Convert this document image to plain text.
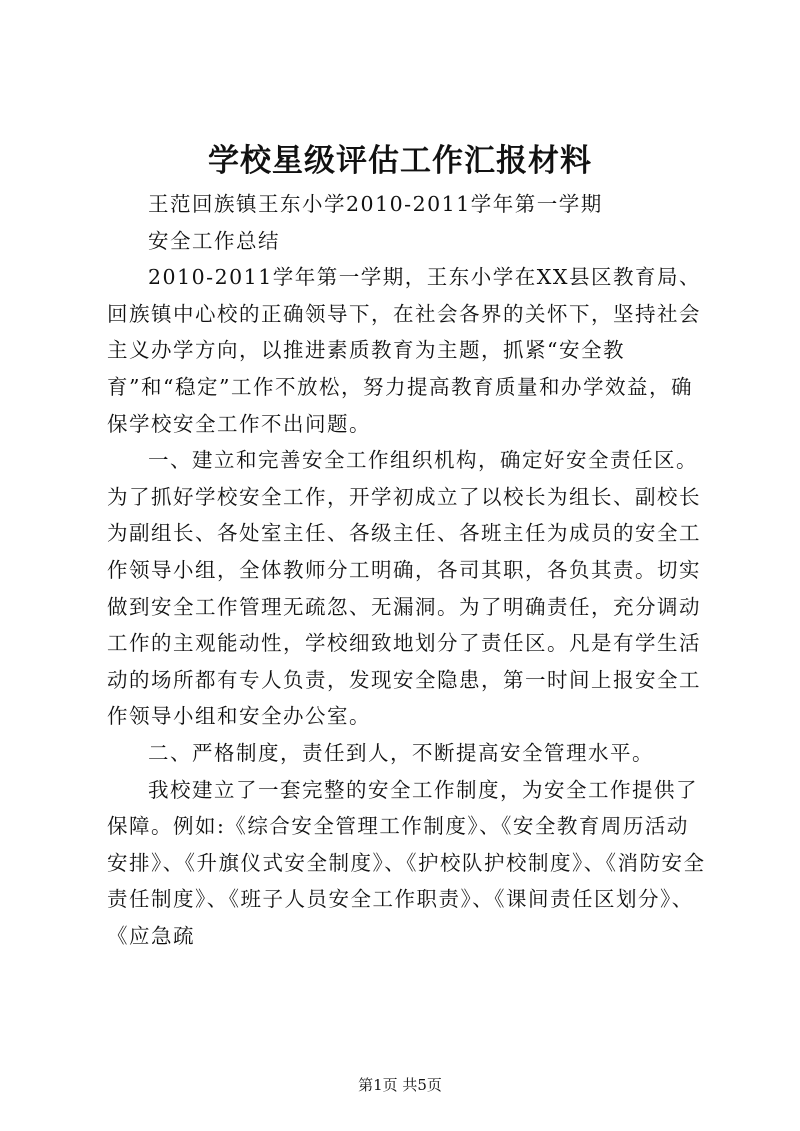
学校星级评估工作汇报材料

王范回族镇王东小学2010-2011学年第一学期

安全工作总结

2010-2011学年第一学期，王东小学在XX县区教育局、回族镇中心校的正确领导下，在社会各界的关怀下，坚持社会主义办学方向，以推进素质教育为主题，抓紧“安全教育”和“稳定”工作不放松，努力提高教育质量和办学效益，确保学校安全工作不出问题。

一、建立和完善安全工作组织机构，确定好安全责任区。为了抓好学校安全工作，开学初成立了以校长为组长、副校长为副组长、各处室主任、各级主任、各班主任为成员的安全工作领导小组，全体教师分工明确，各司其职，各负其责。切实做到安全工作管理无疏忽、无漏洞。为了明确责任，充分调动工作的主观能动性，学校细致地划分了责任区。凡是有学生活动的场所都有专人负责，发现安全隐患，第一时间上报安全工作领导小组和安全办公室。

二、严格制度，责任到人，不断提高安全管理水平。

我校建立了一套完整的安全工作制度，为安全工作提供了保障。例如:《综合安全管理工作制度》、《安全教育周历活动安排》、《升旗仪式安全制度》、《护校队护校制度》、《消防安全责任制度》、《班子人员安全工作职责》、《课间责任区划分》、《应急疏

第1页 共5页
